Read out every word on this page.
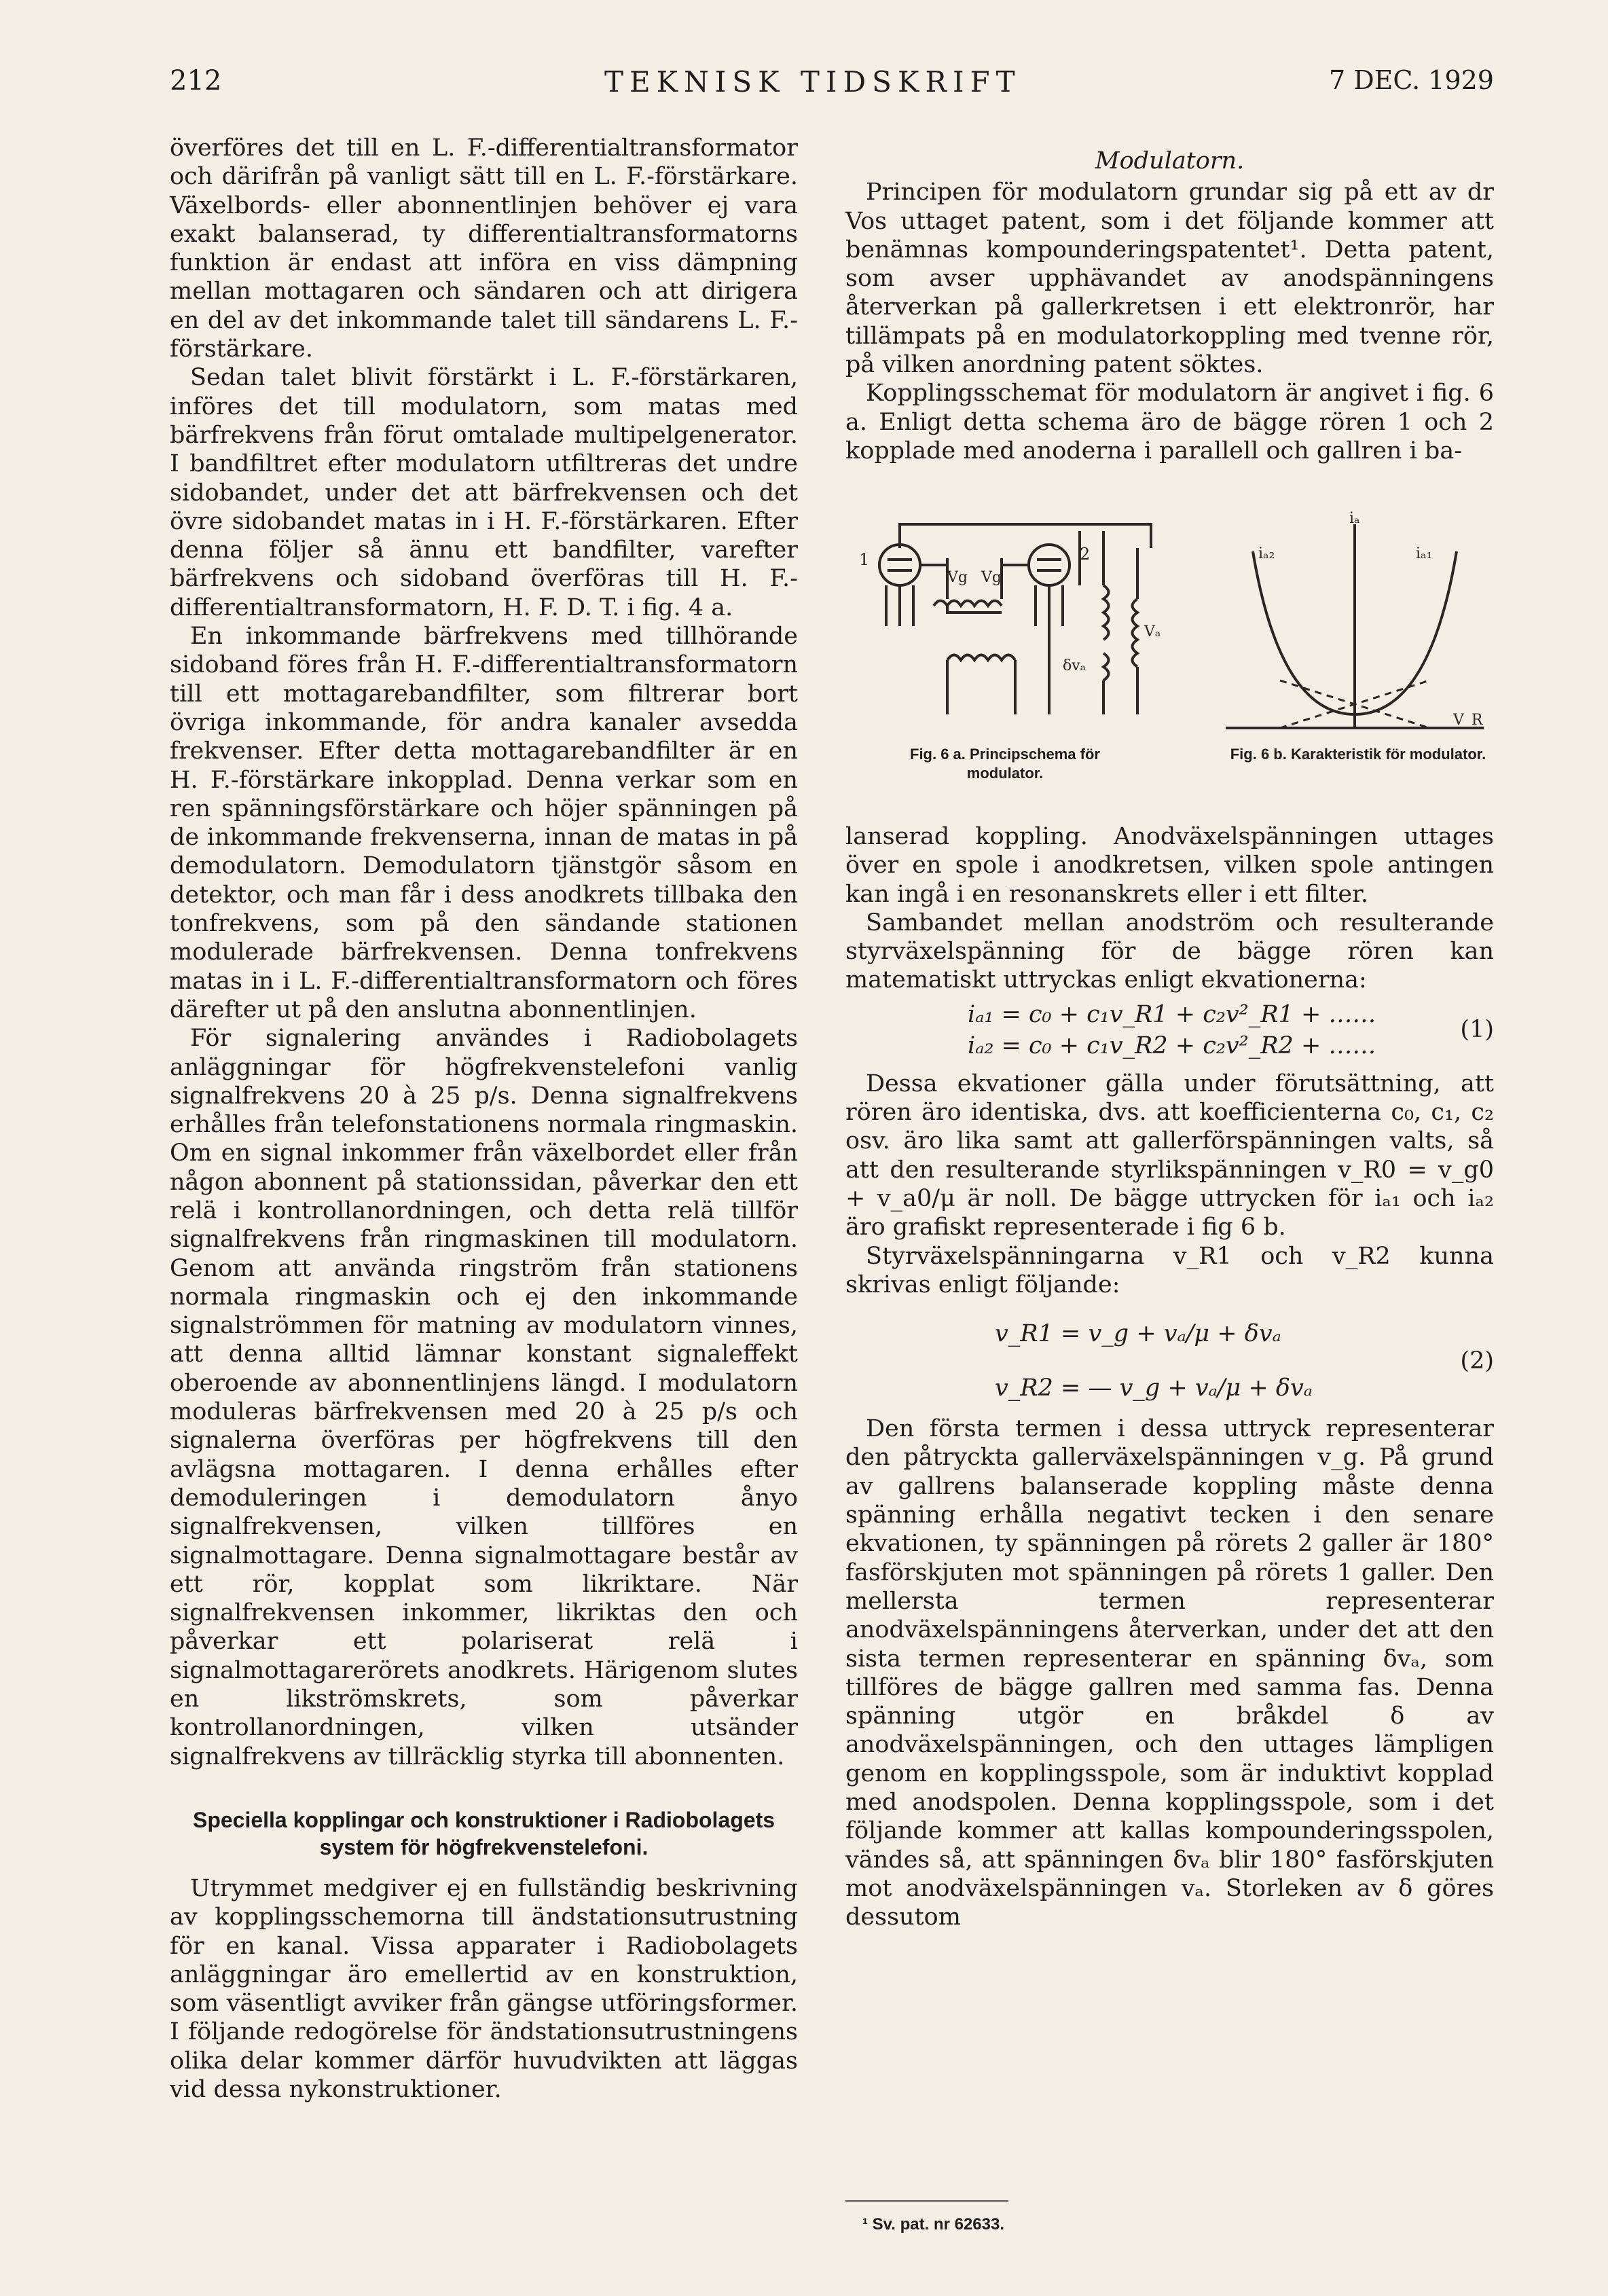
212	TEKNISK TIDSKRIFT	7 DEC. 1929

överföres det till en L. F.-differentialtransformator och därifrån på vanligt sätt till en L. F.-förstärkare. Växelbords- eller abonnentlinjen behöver ej vara exakt balanserad, ty differentialtransformatorns funktion är endast att införa en viss dämpning mellan mottagaren och sändaren och att dirigera en del av det inkommande talet till sändarens L. F.-förstärkare.

Sedan talet blivit förstärkt i L. F.-förstärkaren, införes det till modulatorn, som matas med bärfrekvens från förut omtalade multipelgenerator. I bandfiltret efter modulatorn utfiltreras det undre sidobandet, under det att bärfrekvensen och det övre sidobandet matas in i H. F.-förstärkaren. Efter denna följer så ännu ett bandfilter, varefter bärfrekvens och sidoband överföras till H. F.-differentialtransformatorn, H. F. D. T. i fig. 4 a.

En inkommande bärfrekvens med tillhörande sidoband föres från H. F.-differentialtransformatorn till ett mottagarebandfilter, som filtrerar bort övriga inkommande, för andra kanaler avsedda frekvenser. Efter detta mottagarebandfilter är en H. F.-förstärkare inkopplad. Denna verkar som en ren spänningsförstärkare och höjer spänningen på de inkommande frekvenserna, innan de matas in på demodulatorn. Demodulatorn tjänstgör såsom en detektor, och man får i dess anodkrets tillbaka den tonfrekvens, som på den sändande stationen modulerade bärfrekvensen. Denna tonfrekvens matas in i L. F.-differentialtransformatorn och föres därefter ut på den anslutna abonnentlinjen.

För signalering användes i Radiobolagets anläggningar för högfrekvenstelefoni vanlig signalfrekvens 20 à 25 p/s. Denna signalfrekvens erhålles från telefonstationens normala ringmaskin. Om en signal inkommer från växelbordet eller från någon abonnent på stationssidan, påverkar den ett relä i kontrollanordningen, och detta relä tillför signalfrekvens från ringmaskinen till modulatorn. Genom att använda ringström från stationens normala ringmaskin och ej den inkommande signalströmmen för matning av modulatorn vinnes, att denna alltid lämnar konstant signaleffekt oberoende av abonnentlinjens längd. I modulatorn moduleras bärfrekvensen med 20 à 25 p/s och signalerna överföras per högfrekvens till den avlägsna mottagaren. I denna erhålles efter demoduleringen i demodulatorn ånyo signalfrekvensen, vilken tillföres en signalmottagare. Denna signalmottagare består av ett rör, kopplat som likriktare. När signalfrekvensen inkommer, likriktas den och påverkar ett polariserat relä i signalmottagarerörets anodkrets. Härigenom slutes en likströmskrets, som påverkar kontrollanordningen, vilken utsänder signalfrekvens av tillräcklig styrka till abonnenten.

Speciella kopplingar och konstruktioner i Radiobolagets system för högfrekvenstelefoni.

Utrymmet medgiver ej en fullständig beskrivning av kopplingsschemorna till ändstationsutrustning för en kanal. Vissa apparater i Radiobolagets anläggningar äro emellertid av en konstruktion, som väsentligt avviker från gängse utföringsformer. I följande redogörelse för ändstationsutrustningens olika delar kommer därför huvudvikten att läggas vid dessa nykonstruktioner.

Modulatorn.

Principen för modulatorn grundar sig på ett av dr Vos uttaget patent, som i det följande kommer att benämnas kompounderingspatentet¹. Detta patent, som avser upphävandet av anodspänningens återverkan på gallerkretsen i ett elektronrör, har tillämpats på en modulatorkoppling med tvenne rör, på vilken anordning patent söktes.

Kopplingsschemat för modulatorn är angivet i fig. 6 a. Enligt detta schema äro de bägge rören 1 och 2 kopplade med anoderna i parallell och gallren i ba-

1	2
Vg Vg
δvₐ
Vₐ
iₐ
iₐ₂	iₐ₁
V_R
Fig. 6 a. Principschema för modulator.
Fig. 6 b. Karakteristik för modulator.

lanserad koppling. Anodväxelspänningen uttages över en spole i anodkretsen, vilken spole antingen kan ingå i en resonanskrets eller i ett filter.

Sambandet mellan anodström och resulterande styrväxelspänning för de bägge rören kan matematiskt uttryckas enligt ekvationerna:

iₐ₁ = c₀ + c₁v_R1 + c₂v²_R1 + ……
iₐ₂ = c₀ + c₁v_R2 + c₂v²_R2 + ……
(1)

Dessa ekvationer gälla under förutsättning, att rören äro identiska, dvs. att koefficienterna c₀, c₁, c₂ osv. äro lika samt att gallerförspänningen valts, så att den resulterande styrlikspänningen v_R0 = v_g0 + v_a0/μ är noll. De bägge uttrycken för iₐ₁ och iₐ₂ äro grafiskt representerade i fig 6 b.

Styrväxelspänningarna v_R1 och v_R2 kunna skrivas enligt följande:

v_R1 = v_g + vₐ/μ + δvₐ
v_R2 = — v_g + vₐ/μ + δvₐ
(2)

Den första termen i dessa uttryck representerar den påtryckta gallerväxelspänningen v_g. På grund av gallrens balanserade koppling måste denna spänning erhålla negativt tecken i den senare ekvationen, ty spänningen på rörets 2 galler är 180° fasförskjuten mot spänningen på rörets 1 galler. Den mellersta termen representerar anodväxelspänningens återverkan, under det att den sista termen representerar en spänning δvₐ, som tillföres de bägge gallren med samma fas. Denna spänning utgör en bråkdel δ av anodväxelspänningen, och den uttages lämpligen genom en kopplingsspole, som är induktivt kopplad med anodspolen. Denna kopplingsspole, som i det följande kommer att kallas kompounderingsspolen, vändes så, att spänningen δvₐ blir 180° fasförskjuten mot anodväxelspänningen vₐ. Storleken av δ göres dessutom

¹ Sv. pat. nr 62633.
